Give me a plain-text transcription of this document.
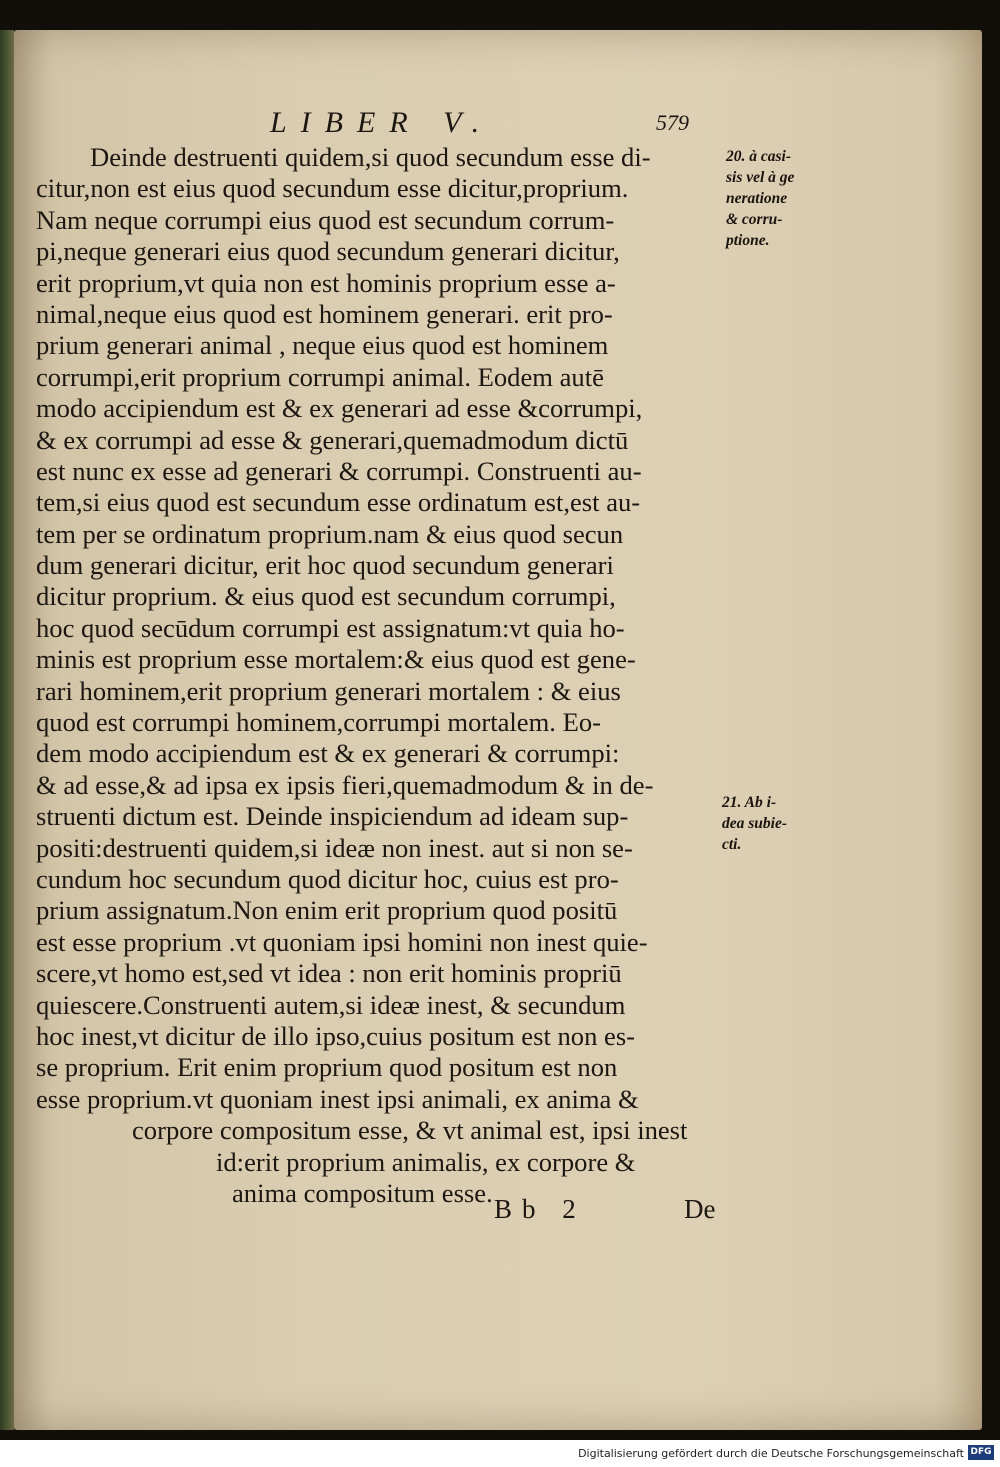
LIBER V.	579
Deinde destruenti quidem,si quod secundum esse di-
citur,non est eius quod secundum esse dicitur,proprium.
Nam neque corrumpi eius quod est secundum corrum-
pi,neque generari eius quod secundum generari dicitur,
erit proprium,vt quia non est hominis proprium esse a-
nimal,neque eius quod est hominem generari. erit pro-
prium generari animal , neque eius quod est hominem
corrumpi,erit proprium corrumpi animal. Eodem autē
modo accipiendum est & ex generari ad esse &corrumpi,
& ex corrumpi ad esse & generari,quemadmodum dictū
est nunc ex esse ad generari & corrumpi. Construenti au-
tem,si eius quod est secundum esse ordinatum est,est au-
tem per se ordinatum proprium.nam & eius quod secun
dum generari dicitur, erit hoc quod secundum generari
dicitur proprium. & eius quod est secundum corrumpi,
hoc quod secūdum corrumpi est assignatum:vt quia ho-
minis est proprium esse mortalem:& eius quod est gene-
rari hominem,erit proprium generari mortalem : & eius
quod est corrumpi hominem,corrumpi mortalem. Eo-
dem modo accipiendum est & ex generari & corrumpi:
& ad esse,& ad ipsa ex ipsis fieri,quemadmodum & in de-
struenti dictum est. Deinde inspiciendum ad ideam sup-
positi:destruenti quidem,si ideæ non inest. aut si non se-
cundum hoc secundum quod dicitur hoc, cuius est pro-
prium assignatum.Non enim erit proprium quod positū
est esse proprium .vt quoniam ipsi homini non inest quie-
scere,vt homo est,sed vt idea : non erit hominis propriū
quiescere.Construenti autem,si ideæ inest, & secundum
hoc inest,vt dicitur de illo ipso,cuius positum est non es-
se proprium. Erit enim proprium quod positum est non
esse proprium.vt quoniam inest ipsi animali, ex anima &
corpore compositum esse, & vt animal est, ipsi inest
id:erit proprium animalis, ex corpore &
anima compositum esse.
Bb 2	De
20. à casi-
sis vel à ge
neratione
& corru-
ptione.
21. Ab i-
dea subie-
cti.
Digitalisierung gefördert durch die Deutsche Forschungsgemeinschaft DFG
